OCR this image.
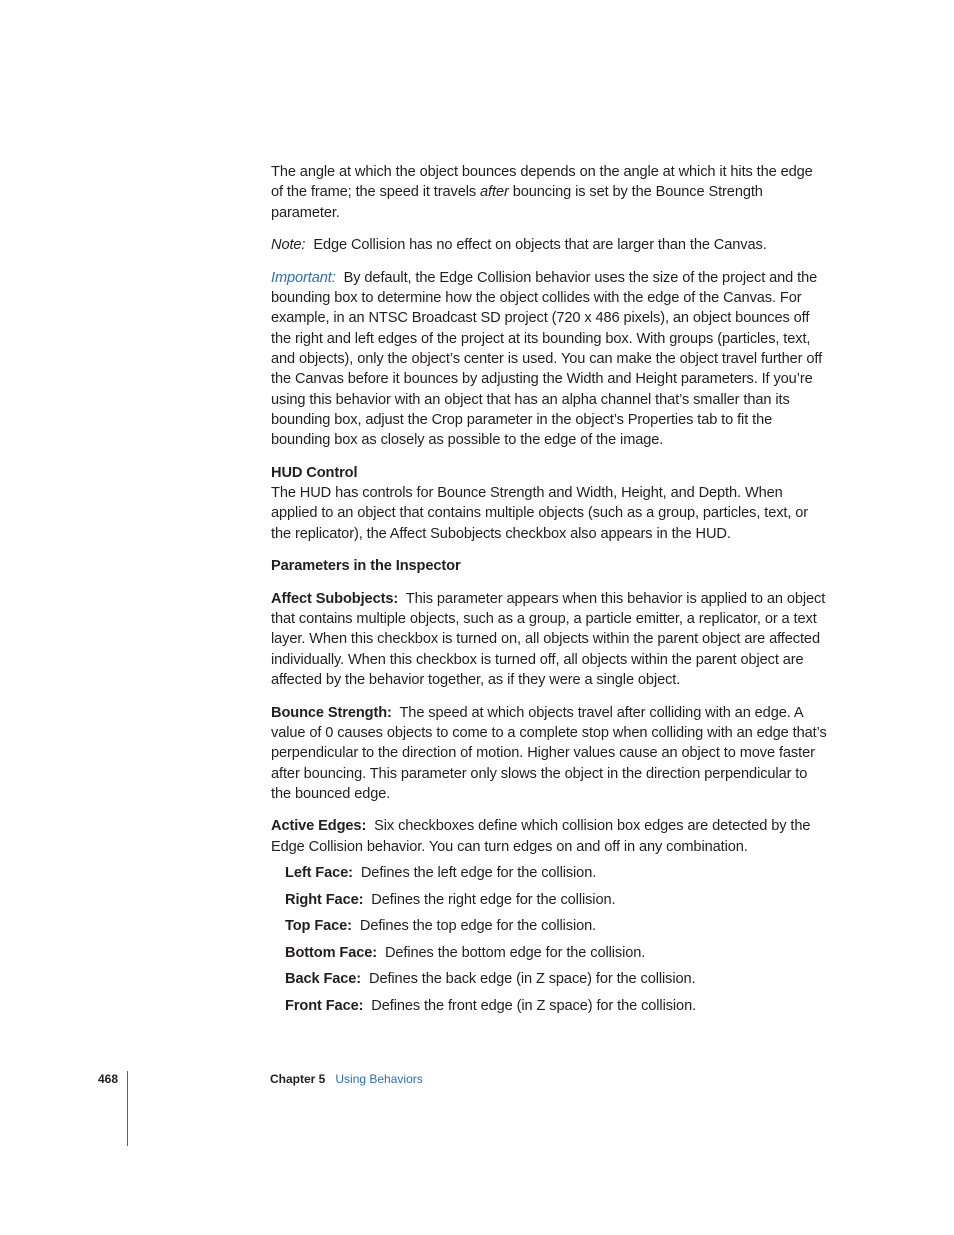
The angle at which the object bounces depends on the angle at which it hits the edge of the frame; the speed it travels after bouncing is set by the Bounce Strength parameter.

Note: Edge Collision has no effect on objects that are larger than the Canvas.

Important: By default, the Edge Collision behavior uses the size of the project and the bounding box to determine how the object collides with the edge of the Canvas. For example, in an NTSC Broadcast SD project (720 x 486 pixels), an object bounces off the right and left edges of the project at its bounding box. With groups (particles, text, and objects), only the object’s center is used. You can make the object travel further off the Canvas before it bounces by adjusting the Width and Height parameters. If you’re using this behavior with an object that has an alpha channel that’s smaller than its bounding box, adjust the Crop parameter in the object’s Properties tab to fit the bounding box as closely as possible to the edge of the image.

HUD Control
The HUD has controls for Bounce Strength and Width, Height, and Depth. When applied to an object that contains multiple objects (such as a group, particles, text, or the replicator), the Affect Subobjects checkbox also appears in the HUD.

Parameters in the Inspector

Affect Subobjects: This parameter appears when this behavior is applied to an object that contains multiple objects, such as a group, a particle emitter, a replicator, or a text layer. When this checkbox is turned on, all objects within the parent object are affected individually. When this checkbox is turned off, all objects within the parent object are affected by the behavior together, as if they were a single object.

Bounce Strength: The speed at which objects travel after colliding with an edge. A value of 0 causes objects to come to a complete stop when colliding with an edge that’s perpendicular to the direction of motion. Higher values cause an object to move faster after bouncing. This parameter only slows the object in the direction perpendicular to the bounced edge.

Active Edges: Six checkboxes define which collision box edges are detected by the Edge Collision behavior. You can turn edges on and off in any combination.

Left Face: Defines the left edge for the collision.
Right Face: Defines the right edge for the collision.
Top Face: Defines the top edge for the collision.
Bottom Face: Defines the bottom edge for the collision.
Back Face: Defines the back edge (in Z space) for the collision.
Front Face: Defines the front edge (in Z space) for the collision.
468	Chapter 5 Using Behaviors
